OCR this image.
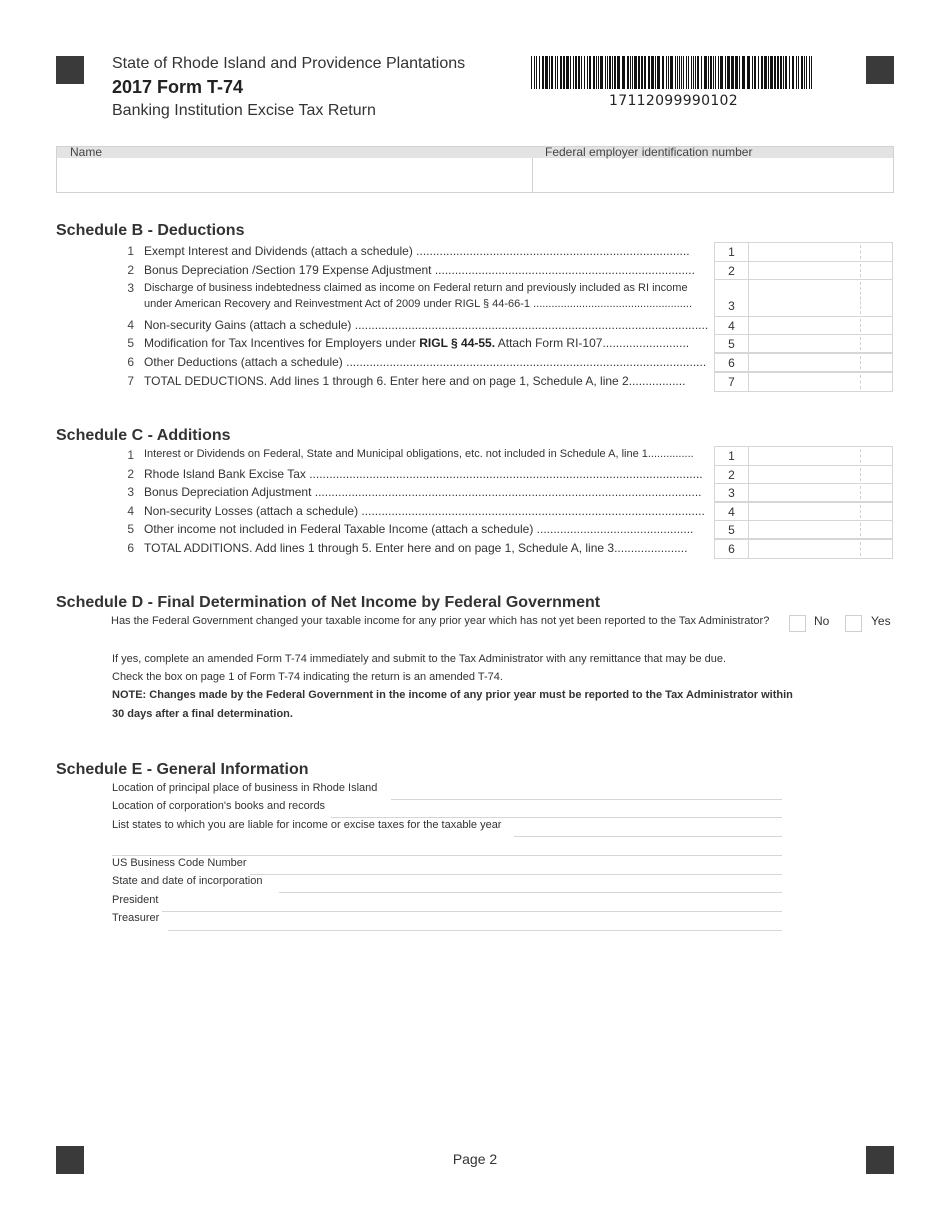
State of Rhode Island and Providence Plantations
2017 Form T-74
Banking Institution Excise Tax Return
17112099990102
Name	Federal employer identification number
Schedule B - Deductions
1 Exempt Interest and Dividends (attach a schedule) ..................................................................................	1
2 Bonus Depreciation /Section 179 Expense Adjustment ..............................................................................	2
3 Discharge of business indebtedness claimed as income on Federal return and previously included as RI income
under American Recovery and Reinvestment Act of 2009 under RIGL § 44-66-1 ....................................................	3
4 Non-security Gains (attach a schedule) ..........................................................................................................	4
5 Modification for Tax Incentives for Employers under RIGL § 44-55. Attach Form RI-107..........................	5
6 Other Deductions (attach a schedule) ............................................................................................................	6
7 TOTAL DEDUCTIONS. Add lines 1 through 6. Enter here and on page 1, Schedule A, line 2.................	7
Schedule C - Additions
1 Interest or Dividends on Federal, State and Municipal obligations, etc. not included in Schedule A, line 1...............	1
2 Rhode Island Bank Excise Tax ......................................................................................................................	2
3 Bonus Depreciation Adjustment ....................................................................................................................	3
4 Non-security Losses (attach a schedule) .......................................................................................................	4
5 Other income not included in Federal Taxable Income (attach a schedule) ...............................................	5
6 TOTAL ADDITIONS. Add lines 1 through 5. Enter here and on page 1, Schedule A, line 3......................	6
Schedule D - Final Determination of Net Income by Federal Government
Has the Federal Government changed your taxable income for any prior year which has not yet been reported to the Tax Administrator?	No	Yes
If yes, complete an amended Form T-74 immediately and submit to the Tax Administrator with any remittance that may be due.
Check the box on page 1 of Form T-74 indicating the return is an amended T-74.
NOTE: Changes made by the Federal Government in the income of any prior year must be reported to the Tax Administrator within
30 days after a final determination.
Schedule E - General Information
Location of principal place of business in Rhode Island
Location of corporation's books and records
List states to which you are liable for income or excise taxes for the taxable year
US Business Code Number
State and date of incorporation
President
Treasurer
Page 2
